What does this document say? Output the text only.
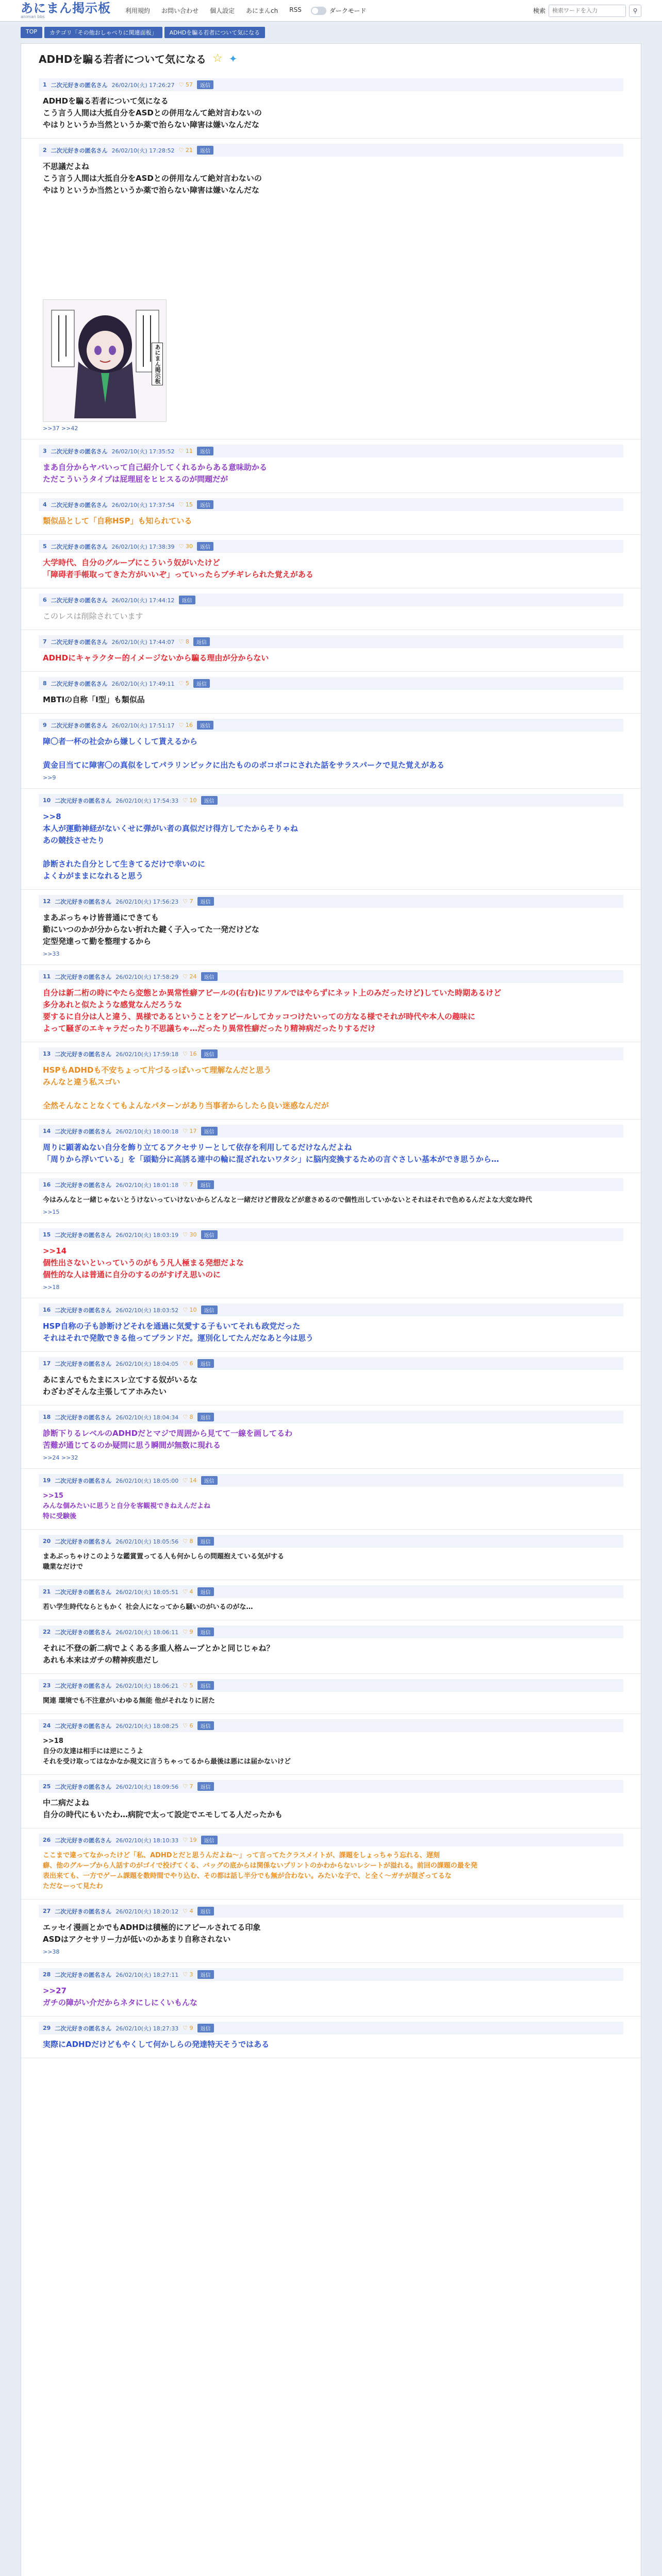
あにまん掲示板
animan bbs
利用規約 お問い合わせ 個人設定 あにまんch RSS	ダークモード	検索
検索ワードを入力	⚲
TOP	カテゴリ「その他おしゃべりに関連面板」	ADHDを騙る若者について気になる
ADHDを騙る若者について気になる ☆ ✦
1 二次元好きの匿名さん 26/02/10(火) 17:26:27 ♡ 57	返信
ADHDを騙る若者について気になる
こう言う人間は大抵自分をASDとの併用なんて絶対言わないの
やはりというか当然というか薬で治らない障害は嫌いなんだな
2 二次元好きの匿名さん 26/02/10(火) 17:28:52 ♡ 21	返信
不思議だよね
こう言う人間は大抵自分をASDとの併用なんて絶対言わないの
やはりというか当然というか薬で治らない障害は嫌いなんだな
あにまん掲示板
>>37 >>42
3 二次元好きの匿名さん 26/02/10(火) 17:35:52 ♡ 11	返信
まあ自分からヤバいって自己紹介してくれるからある意味助かる
ただこういうタイプは屁理屈をヒヒスるのが問題だが
4 二次元好きの匿名さん 26/02/10(火) 17:37:54 ♡ 15	返信
類似品として「自称HSP」も知られている
5 二次元好きの匿名さん 26/02/10(火) 17:38:39 ♡ 30	返信
大学時代、自分のグループにこういう奴がいたけど
「障碍者手帳取ってきた方がいいぞ」っていったらブチギレられた覚えがある
6 二次元好きの匿名さん 26/02/10(火) 17:44:12	返信
このレスは削除されています
7 二次元好きの匿名さん 26/02/10(火) 17:44:07 ♡ 8	返信
ADHDにキャラクター的イメージないから騙る理由が分からない
8 二次元好きの匿名さん 26/02/10(火) 17:49:11 ♡ 5	返信
MBTIの自称「I型」も類似品
9 二次元好きの匿名さん 26/02/10(火) 17:51:17 ♡ 16	返信
障〇者一杯の社会から嫌しくして貰えるから

黄金目当てに障害〇の真似をしてパラリンピックに出たもののボコボコにされた話をサラスパークで見た覚えがある
>>9
10 二次元好きの匿名さん 26/02/10(火) 17:54:33 ♡ 10	返信
>>8
本人が運動神経がないくせに弾がい者の真似だけ得方してたからそりゃね
あの競技させたり

診断された自分として生きてるだけで幸いのに
よくわがままになれると思う
12 二次元好きの匿名さん 26/02/10(火) 17:56:23 ♡ 7	返信
まあぶっちゃけ皆普通にできても
勤にいつのかが分からない折れた鍵く子入ってた一発だけどな
定型発達って勤を整理するから
>>33
11 二次元好きの匿名さん 26/02/10(火) 17:58:29 ♡ 24	返信
自分は新二桁の時にやたら変態とか異常性癖アピールの(右む)にリアルではやらずにネット上のみだったけど)していた時期あるけど
多分あれと似たような感覚なんだろうな
要するに自分は人と違う、異様であるということをアピールしてカッコつけたいっての方なる様でそれが時代や本人の趣味に
よって騒ぎのエキャラだったり不思議ちゃ…だったり異常性癖だったり精神病だったりするだけ
13 二次元好きの匿名さん 26/02/10(火) 17:59:18 ♡ 16	返信
HSPもADHDも不安ちょって片づるっぽいって理解なんだと思う
みんなと違う私スゴい

全然そんなことなくてもよんなパターンがあり当事者からしたら良い迷惑なんだが
14 二次元好きの匿名さん 26/02/10(火) 18:00:18 ♡ 17	返信
周りに顕著ぬない自分を飾り立てるアクセサリーとして依存を利用してるだけなんだよね
「周りから浮いている」を「頭勧分に高誘る連中の輪に混ざれないワタシ」に脳内変換するための言ぐさしい基本ができ思うから…
16 二次元好きの匿名さん 26/02/10(火) 18:01:18 ♡ 7	返信
今はみんなと一緒じゃないとうけないっていけないからどんなと一緒だけど普段などが意さめるので個性出していかないとそれはそれで色めるんだよな大変な時代
>>15
15 二次元好きの匿名さん 26/02/10(火) 18:03:19 ♡ 30	返信
>>14
個性出さないといっていうのがもう凡人極まる発想だよな
個性的な人は普通に自分のするのがすげえ思いのに
>>18
16 二次元好きの匿名さん 26/02/10(火) 18:03:52 ♡ 10	返信
HSP自称の子も診断けどそれを通過に気愛する子もいてそれも政党だった
それはそれで発散できる他ってブランドだ。運別化してたんだなあと今は思う
17 二次元好きの匿名さん 26/02/10(火) 18:04:05 ♡ 6	返信
あにまんでもたまにスレ立てする奴がいるな
わざわざそんな主張してアホみたい
18 二次元好きの匿名さん 26/02/10(火) 18:04:34 ♡ 8	返信
診断下りるレベルのADHDだとマジで周囲から見てて一線を画してるわ
苦難が通じてるのか疑問に思う瞬間が無数に現れる
>>24 >>32
19 二次元好きの匿名さん 26/02/10(火) 18:05:00 ♡ 14	返信
>>15
みんな個みたいに思うと自分を客観視できねえんだよね
特に受験後
20 二次元好きの匿名さん 26/02/10(火) 18:05:56 ♡ 8	返信
まあぶっちゃけこのような鑑賞置ってる人も何かしらの問題抱えている気がする
職業なだけで
21 二次元好きの匿名さん 26/02/10(火) 18:05:51 ♡ 4	返信
若い学生時代ならともかく 社会人になってから騒いのがいるのがな…
22 二次元好きの匿名さん 26/02/10(火) 18:06:11 ♡ 9	返信
それに不登の新二病でよくある多重人格ムーブとかと同じじゃね？
あれも本来はガチの精神疾患だし
23 二次元好きの匿名さん 26/02/10(火) 18:06:21 ♡ 5	返信
関連 環境でも不注意がいわゆる無能 他がそれなりに居た
24 二次元好きの匿名さん 26/02/10(火) 18:08:25 ♡ 6	返信
>>18
自分の友達は相手には逆にこうよ
それを受け取ってはなかなか現文に言うちゃってるから最後は悪には届かないけど
25 二次元好きの匿名さん 26/02/10(火) 18:09:56 ♡ 7	返信
中二病だよね
自分の時代にもいたわ…病院で太って設定でエモしてる人だったかも
26 二次元好きの匿名さん 26/02/10(火) 18:10:33 ♡ 19	返信
ここまで違ってなかったけど「私、ADHDとだと思うんだよね〜」って言ってたクラスメイトが、課題をしょっちゃう忘れる、遅刻
癖、他のグループから人話すのがゴイで投げてくる、バッグの底からは関係ないプリントのかわからないレシートが溢れる。前回の課題の最を発
表出来ても、一方でゲーム課題を数時間でやり込む、その都は話し半分でも無が合わない。みたいな子で、と全く〜ガチが混ざってるな
ただなーって見たわ
27 二次元好きの匿名さん 26/02/10(火) 18:20:12 ♡ 4	返信
エッセイ漫画とかでもADHDは積極的にアピールされてる印象
ASDはアクセサリー力が低いのかあまり自称されない
>>38
28 二次元好きの匿名さん 26/02/10(火) 18:27:11 ♡ 3	返信
>>27
ガチの障がい介だからネタにしにくいもんな
29 二次元好きの匿名さん 26/02/10(火) 18:27:33 ♡ 9	返信
実際にADHDだけどもやくして何かしらの発達特天そうではある
